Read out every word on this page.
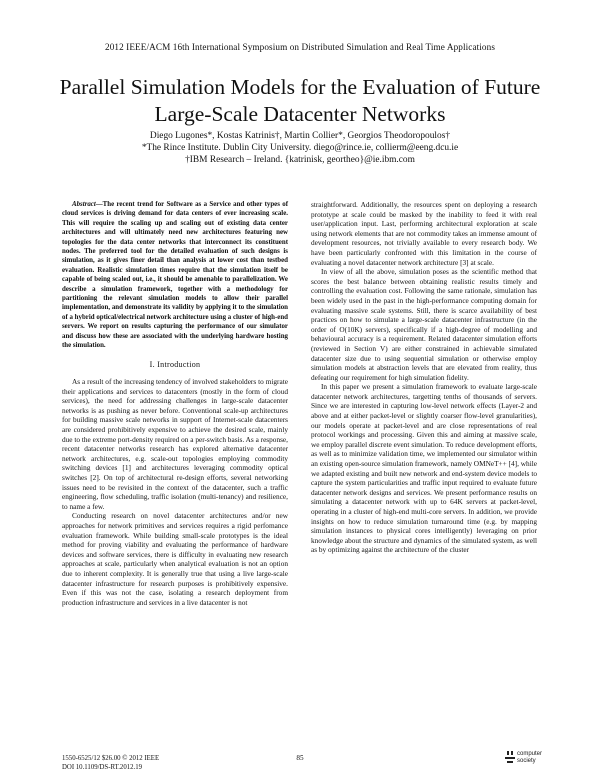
2012 IEEE/ACM 16th International Symposium on Distributed Simulation and Real Time Applications
Parallel Simulation Models for the Evaluation of Future Large-Scale Datacenter Networks
Diego Lugones*, Kostas Katrinis†, Martin Collier*, Georgios Theodoropoulos†
*The Rince Institute. Dublin City University. diego@rince.ie, collierm@eeng.dcu.ie
†IBM Research – Ireland. {katrinisk, geortheo}@ie.ibm.com

Abstract—The recent trend for Software as a Service and other types of cloud services is driving demand for data centers of ever increasing scale. This will require the scaling up and scaling out of existing data center architectures and will ultimately need new architectures featuring new topologies for the data center networks that interconnect its constituent nodes. The preferred tool for the detailed evaluation of such designs is simulation, as it gives finer detail than analysis at lower cost than testbed evaluation. Realistic simulation times require that the simulation itself be capable of being scaled out, i.e., it should be amenable to parallelization. We describe a simulation framework, together with a methodology for partitioning the relevant simulation models to allow their parallel implementation, and demonstrate its validity by applying it to the simulation of a hybrid optical/electrical network architecture using a cluster of high-end servers. We report on results capturing the performance of our simulator and discuss how these are associated with the underlying hardware hosting the simulation.

I. Introduction

As a result of the increasing tendency of involved stakeholders to migrate their applications and services to datacenters (mostly in the form of cloud services), the need for addressing challenges in large-scale datacenter networks is as pushing as never before. Conventional scale-up architectures for building massive scale networks in support of Internet-scale datacenters are considered prohibitively expensive to achieve the desired scale, mainly due to the extreme port-density required on a per-switch basis. As a response, recent datacenter networks research has explored alternative datacenter network architectures, e.g. scale-out topologies employing commodity switching devices [1] and architectures leveraging commodity optical switches [2]. On top of architectural re-design efforts, several networking issues need to be revisited in the context of the datacenter, such a traffic engineering, flow scheduling, traffic isolation (multi-tenancy) and resilience, to name a few.

Conducting research on novel datacenter architectures and/or new approaches for network primitives and services requires a rigid perfomance evaluation framework. While building small-scale prototypes is the ideal method for proving viability and evaluating the performance of hardware devices and software services, there is difficulty in evaluating new research approaches at scale, particularly when analytical evaluation is not an option due to inherent complexity. It is generally true that using a live large-scale datacenter infrastructure for research purposes is prohibitively expensive. Even if this was not the case, isolating a research deployment from production infrastructure and services in a live datacenter is not

straightforward. Additionally, the resources spent on deploying a research prototype at scale could be masked by the inability to feed it with real user/application input. Last, performing architectural exploration at scale using network elements that are not commodity takes an immense amount of development resources, not trivially available to every research body. We have been particularly confronted with this limitation in the course of evaluating a novel datacenter network architecture [3] at scale.

In view of all the above, simulation poses as the scientific method that scores the best balance between obtaining realistic results timely and controlling the evaluation cost. Following the same rationale, simulation has been widely used in the past in the high-performance computing domain for evaluating massive scale systems. Still, there is scarce availability of best practices on how to simulate a large-scale datacenter infrastructure (in the order of O(10K) servers), specifically if a high-degree of modelling and behavioural accuracy is a requirement. Related datacenter simulation efforts (reviewed in Section V) are either constrained in achievable simulated datacenter size due to using sequential simulation or otherwise employ simulation models at abstraction levels that are elevated from reality, thus defeating our requirement for high simulation fidelity.

In this paper we present a simulation framework to evaluate large-scale datacenter network architectures, targetting tenths of thousands of servers. Since we are interested in capturing low-level network effects (Layer-2 and above and at either packet-level or slightly coarser flow-level granularities), our models operate at packet-level and are close representations of real protocol workings and processing. Given this and aiming at massive scale, we employ parallel discrete event simulation. To reduce development efforts, as well as to minimize validation time, we implemented our simulator within an existing open-source simulation framework, namely OMNeT++ [4], while we adapted existing and built new network and end-system device models to capture the system particularities and traffic input required to evaluate future datacenter network designs and services. We present performance results on simulating a datacenter network with up to 64K servers at packet-level, operating in a cluster of high-end multi-core servers. In addition, we provide insights on how to reduce simulation turnaround time (e.g. by mapping simulation instances to physical cores intelligently) leveraging on prior knowledge about the structure and dynamics of the simulated system, as well as by optimizing against the architecture of the cluster

1550-6525/12 $26.00 © 2012 IEEE
DOI 10.1109/DS-RT.2012.19
85	computer
society
